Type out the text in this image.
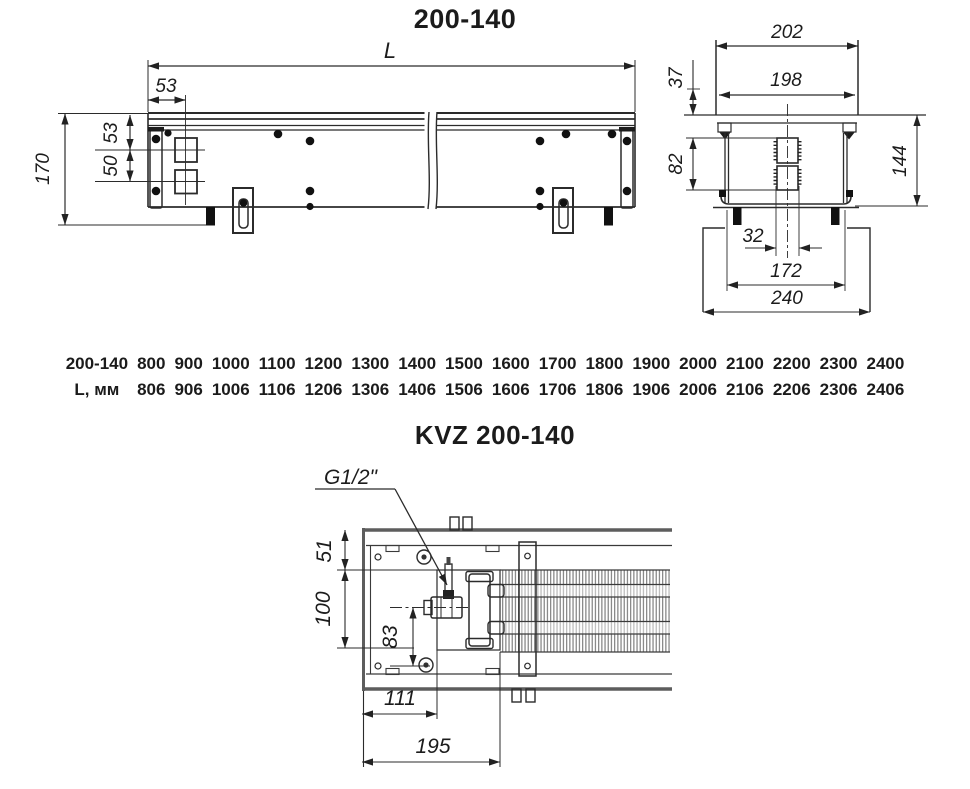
200-140
KVZ 200-140
200-140
L, мм
800
806
900
906
1000
1006
1100
1106
1200
1206
1300
1306
1400
1406
1500
1506
1600
1606
1700
1706
1800
1806
1900
1906
2000
2006
2100
2106
2200
2206
2300
2306
2400
2406
L
53
170
53
50
202
198
37
82	144
32
172
240
G1/2"
51
100
83
111
195
